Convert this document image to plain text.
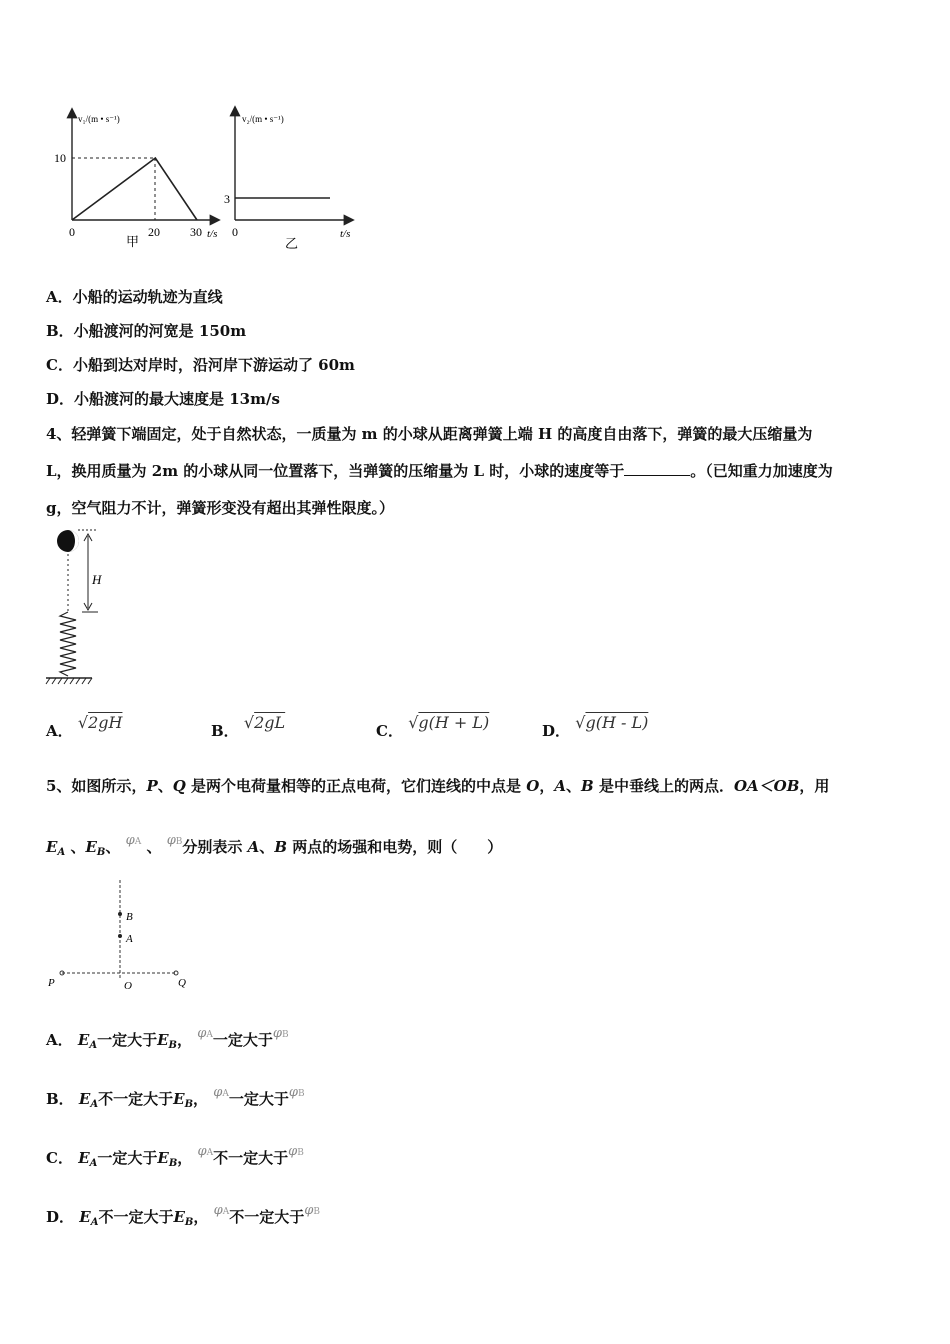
v₁/(m • s⁻¹)
10
0	20	30 t/s
甲
v₂/(m • s⁻¹)
3
0	t/s
乙
A．小船的运动轨迹为直线
B．小船渡河的河宽是 150m
C．小船到达对岸时，沿河岸下游运动了 60m
D．小船渡河的最大速度是 13m/s
4、轻弹簧下端固定，处于自然状态，一质量为 m 的小球从距离弹簧上端 H 的高度自由落下，弹簧的最大压缩量为
L，换用质量为 2m 的小球从同一位置落下，当弹簧的压缩量为 L 时，小球的速度等于	。（已知重力加速度为
g，空气阻力不计，弹簧形变没有超出其弹性限度。）
H
A． √2gH	B． √2gL	C． √g(H + L)	D． √g(H - L)
5、如图所示，P、Q 是两个电荷量相等的正点电荷，它们连线的中点是 O，A、B 是中垂线上的两点．OA＜OB，用
$E_A$ 、$E_B$、 φA 、 φB分别表示 A、B 两点的场强和电势，则（　　）
B
A
P	O	Q
A． $E_A$一定大于$E_B$， φA一定大于φB
B． $E_A$不一定大于$E_B$， φA一定大于φB
C． $E_A$一定大于$E_B$， φA不一定大于φB
D． $E_A$不一定大于$E_B$， φA不一定大于φB
